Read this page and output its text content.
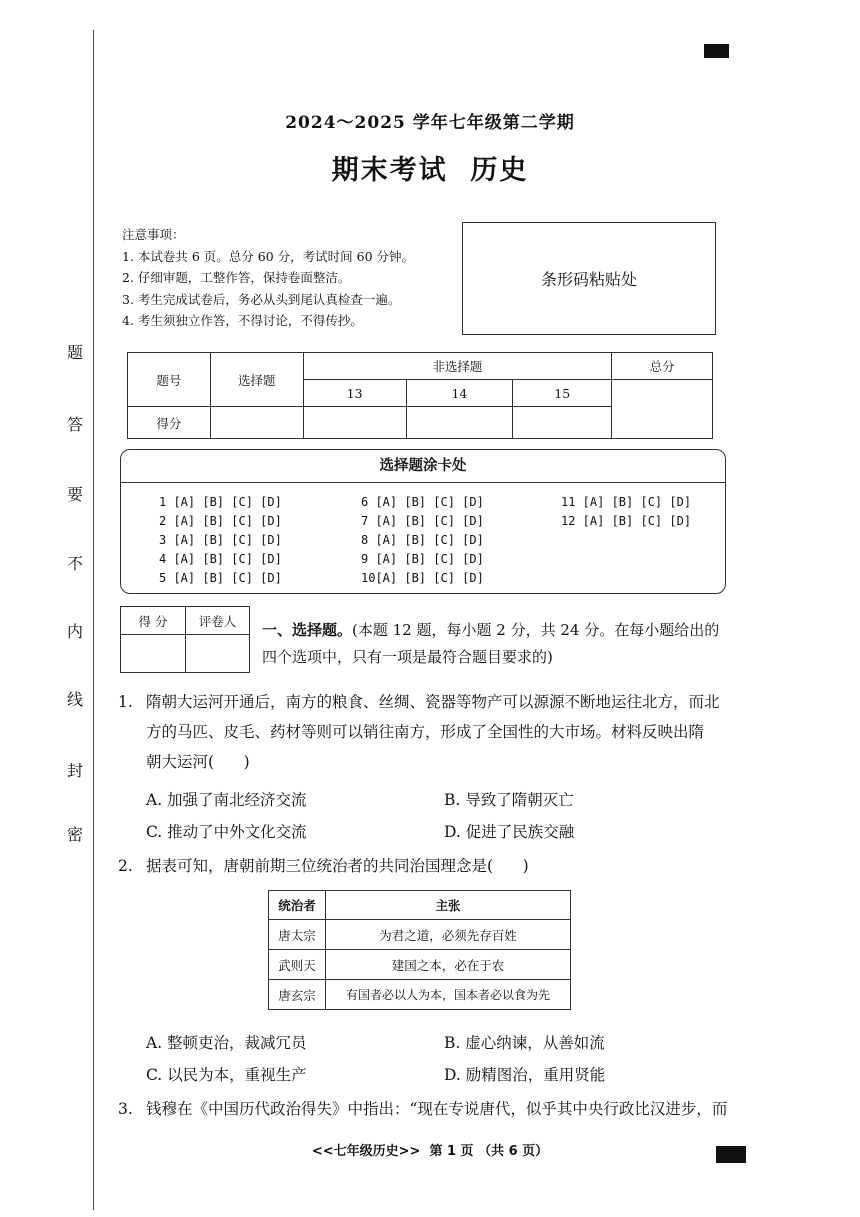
密
封
线
内
不
要
答
题
2024～2025 学年七年级第二学期
期末考试  历史
注意事项：
1. 本试卷共 6 页。总分 60 分，考试时间 60 分钟。
2. 仔细审题，工整作答，保持卷面整洁。
3. 考生完成试卷后，务必从头到尾认真检查一遍。
4. 考生须独立作答，不得讨论，不得传抄。
条形码粘贴处
题号	选择题	非选择题			总分
		13	14	15	
得分					
选择题涂卡处
1 [A] [B] [C] [D]
2 [A] [B] [C] [D]
3 [A] [B] [C] [D]
4 [A] [B] [C] [D]
5 [A] [B] [C] [D]
6 [A] [B] [C] [D]
7 [A] [B] [C] [D]
8 [A] [B] [C] [D]
9 [A] [B] [C] [D]
10[A] [B] [C] [D]
11 [A] [B] [C] [D]
12 [A] [B] [C] [D]
得 分	评卷人
	一、选择题。(本题 12 题，每小题 2 分，共 24 分。在每小题给出的四个选项中，只有一项是最符合题目要求的)
1. 隋朝大运河开通后，南方的粮食、丝绸、瓷器等物产可以源源不断地运往北方，而北
方的马匹、皮毛、药材等则可以销往南方，形成了全国性的大市场。材料反映出隋
朝大运河(      )
A. 加强了南北经济交流	B. 导致了隋朝灭亡
C. 推动了中外文化交流	D. 促进了民族交融
2. 据表可知，唐朝前期三位统治者的共同治国理念是(      )
统治者	主张
唐太宗	为君之道，必须先存百姓
武则天	建国之本，必在于农
唐玄宗	有国者必以人为本，国本者必以食为先
A. 整顿吏治，裁减冗员	B. 虚心纳谏，从善如流
C. 以民为本，重视生产	D. 励精图治，重用贤能
3. 钱穆在《中国历代政治得失》中指出：“现在专说唐代，似乎其中央行政比汉进步，而
<<七年级历史>>  第 1 页 （共 6 页）
